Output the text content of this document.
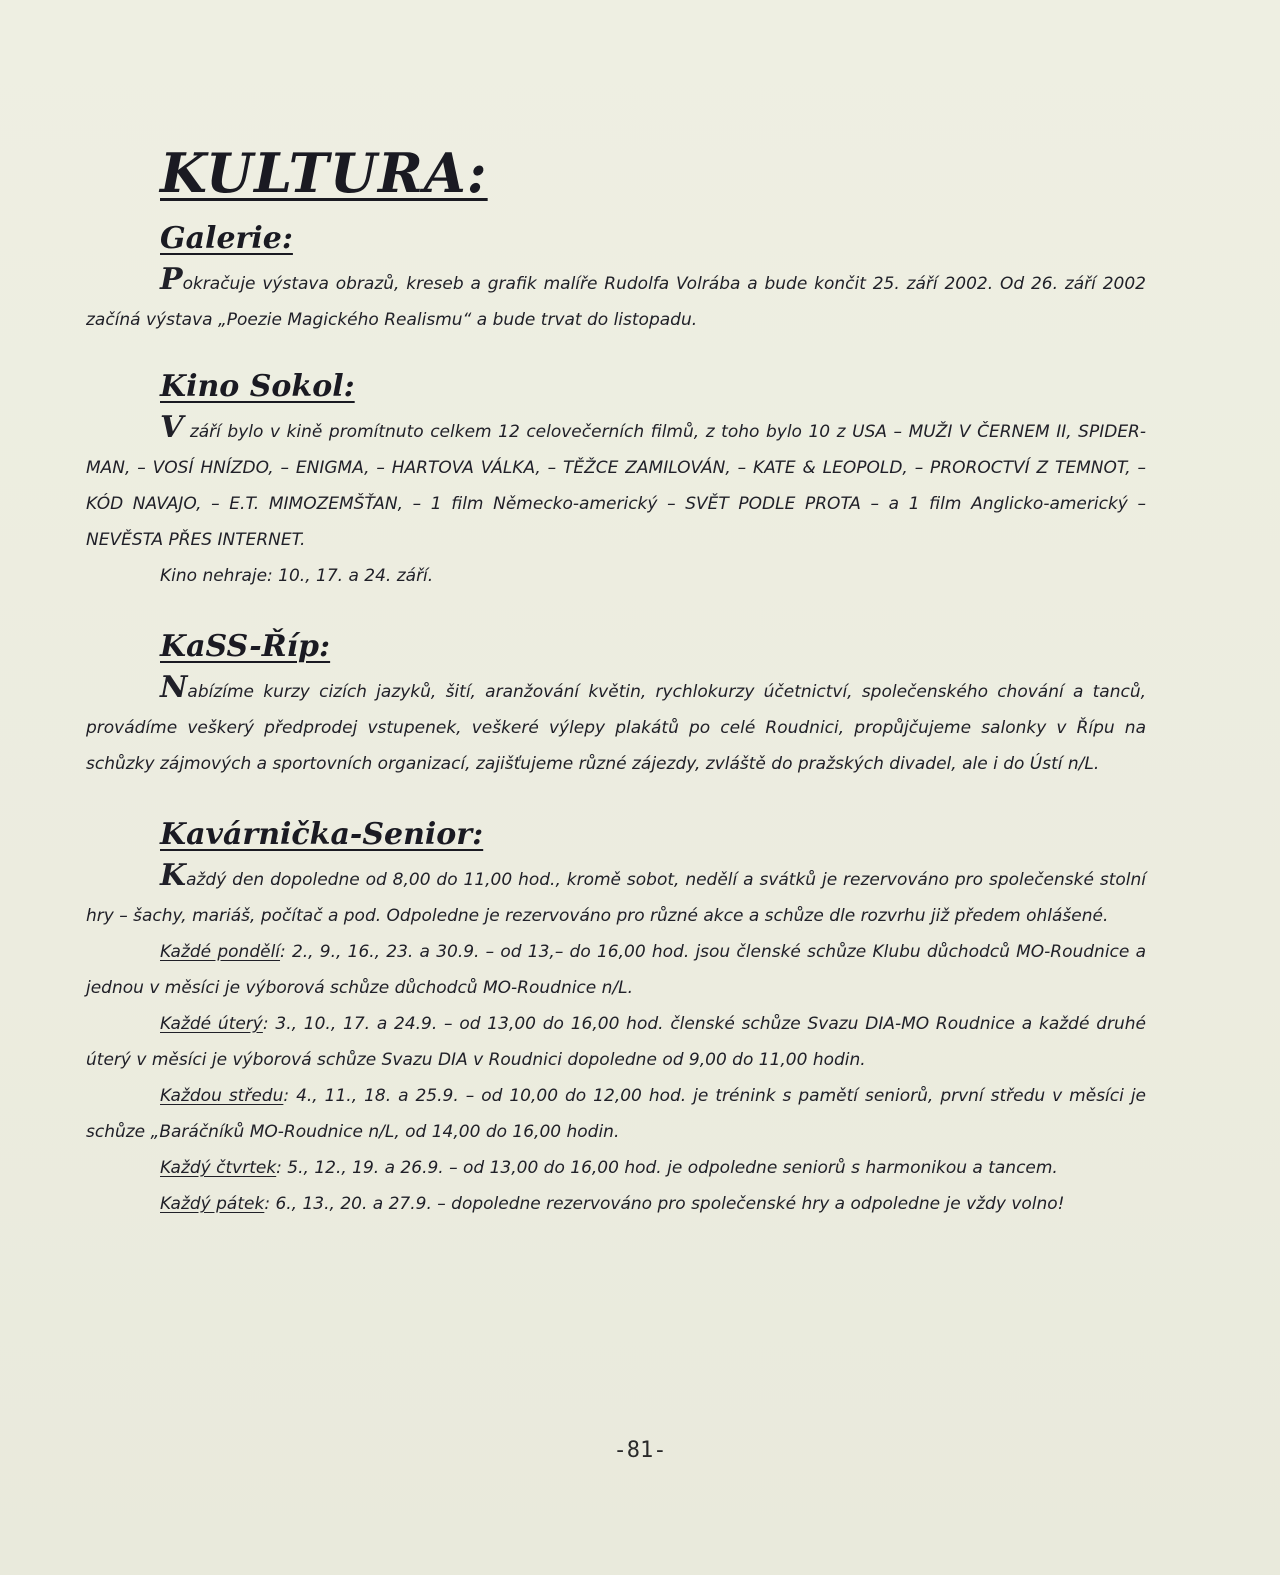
KULTURA:
Galerie:

Pokračuje výstava obrazů, kreseb a grafik malíře Rudolfa Volrába a bude končit 25. září 2002. Od 26. září 2002 začíná výstava „Poezie Magického Realismu“ a bude trvat do listopadu.

Kino Sokol:

V září bylo v kině promítnuto celkem 12 celovečerních filmů, z toho bylo 10 z USA – MUŽI V ČERNEM II, SPIDER-MAN, – VOSÍ HNÍZDO, – ENIGMA, – HARTOVA VÁLKA, – TĚŽCE ZAMILOVÁN, – KATE & LEOPOLD, – PROROCTVÍ Z TEMNOT, – KÓD NAVAJO, – E.T. MIMOZEMŠŤAN, – 1 film Německo-americký – SVĚT PODLE PROTA – a 1 film Anglicko-americký – NEVĚSTA PŘES INTERNET.

Kino nehraje: 10., 17. a 24. září.

KaSS-Říp:

Nabízíme kurzy cizích jazyků, šití, aranžování květin, rychlokurzy účetnictví, společenského chování a tanců, provádíme veškerý předprodej vstupenek, veškeré výlepy plakátů po celé Roudnici, propůjčujeme salonky v Řípu na schůzky zájmových a sportovních organizací, zajišťujeme různé zájezdy, zvláště do pražských divadel, ale i do Ústí n/L.

Kavárnička-Senior:

Každý den dopoledne od 8,00 do 11,00 hod., kromě sobot, nedělí a svátků je rezervováno pro společenské stolní hry – šachy, mariáš, počítač a pod. Odpoledne je rezervováno pro různé akce a schůze dle rozvrhu již předem ohlášené.

Každé pondělí: 2., 9., 16., 23. a 30.9. – od 13,– do 16,00 hod. jsou členské schůze Klubu důchodců MO-Roudnice a jednou v měsíci je výborová schůze důchodců MO-Roudnice n/L.

Každé úterý: 3., 10., 17. a 24.9. – od 13,00 do 16,00 hod. členské schůze Svazu DIA-MO Roudnice a každé druhé úterý v měsíci je výborová schůze Svazu DIA v Roudnici dopoledne od 9,00 do 11,00 hodin.

Každou středu: 4., 11., 18. a 25.9. – od 10,00 do 12,00 hod. je trénink s pamětí seniorů, první středu v měsíci je schůze „Baráčníků MO-Roudnice n/L, od 14,00 do 16,00 hodin.

Každý čtvrtek: 5., 12., 19. a 26.9. – od 13,00 do 16,00 hod. je odpoledne seniorů s harmonikou a tancem.

Každý pátek: 6., 13., 20. a 27.9. – dopoledne rezervováno pro společenské hry a odpoledne je vždy volno!

-81-
